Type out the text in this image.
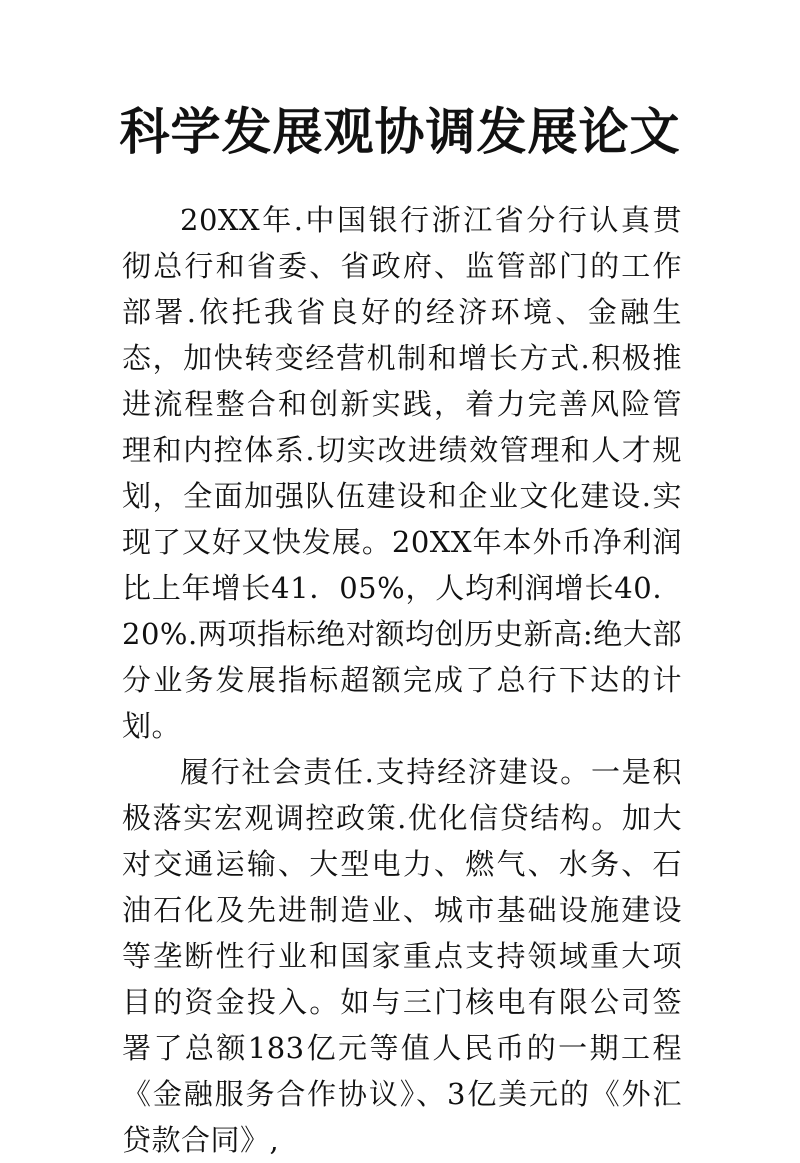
科学发展观协调发展论文

20XX年.中国银行浙江省分行认真贯彻总行和省委、省政府、监管部门的工作部署.依托我省良好的经济环境、金融生态，加快转变经营机制和增长方式.积极推进流程整合和创新实践，着力完善风险管理和内控体系.切实改进绩效管理和人才规划，全面加强队伍建设和企业文化建设.实现了又好又快发展。20XX年本外币净利润比上年增长41．05%，人均利润增长40．20%.两项指标绝对额均创历史新高:绝大部分业务发展指标超额完成了总行下达的计划。

履行社会责任.支持经济建设。一是积极落实宏观调控政策.优化信贷结构。加大对交通运输、大型电力、燃气、水务、石油石化及先进制造业、城市基础设施建设等垄断性行业和国家重点支持领域重大项目的资金投入。如与三门核电有限公司签署了总额183亿元等值人民币的一期工程《金融服务合作协议》、3亿美元的《外汇贷款合同》,
